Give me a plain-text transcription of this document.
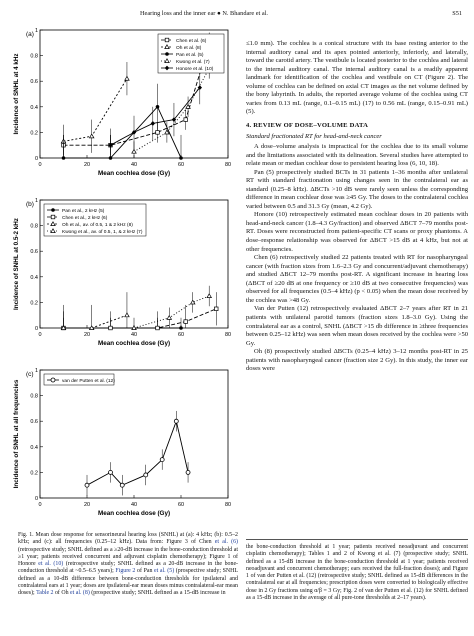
Hearing loss and the inner ear ● N. Bhandare et al.	S51
(a)
0
0.2
0.4
0.6
0.8
1
0	20	40	60	80
Mean cochlea dose (Gy)
Incidence of SNHL at 4 kHz
Chen et al. (6)
Oh et al. (8)
Pan et al. (5)
Kwong et al. (7)
Honore et al. (10)
(b)
0
0.2
0.4
0.6
0.8
1
0	20	40	60	80
Mean cochlea dose (Gy)
Incidence of SNHL at 0.5-2 kHz
Pan et al., 2 kHz (5)
Chen et al., 2 kHz (6)
Oh et al., av. of 0.5, 1 & 2 kHz (8)
Kwong et al., av. of 0.5, 1, & 2 kHz (7)
(c)
0
0.2
0.4
0.6
0.8
1
0	20	40	60	80
Mean cochlea dose (Gy)
Incidence of SNHL at all frequencies	van der Putten et al. (12)
Fig. 1. Mean dose response for sensorineural hearing loss (SNHL) at (a): 4 kHz; (b): 0.5–2 kHz; and (c): all frequencies (0.25–12 kHz). Data from: Figure 3 of Chen et al. (6) (retrospective study; SNHL defined as a ≥20-dB increase in the bone-conduction threshold at ≥1 year; patients received concurrent and adjuvant cisplatin chemotherapy); Figure 1 of Honore et al. (10) (retrospective study; SNHL defined as a 20-dB increase in the bone-conduction threshold at ~0.5–6.5 years); Figure 2 of Pan et al. (5) (prospective study; SNHL defined as a 10-dB difference between bone-conduction thresholds for ipsilateral and contralateral ears at 1 year; doses are ipsilateral-ear mean doses minus contralateral-ear mean doses); Table 2 of Oh et al. (8) (prospective study; SNHL defined as a 15-dB increase in

≤1.0 mm). The cochlea is a conical structure with its base resting anterior to the internal auditory canal and its apex pointed anteriorly, inferiorly, and laterally, toward the carotid artery. The vestibule is located posterior to the cochlea and lateral to the internal auditory canal. The internal auditory canal is a readily apparent landmark for identification of the cochlea and vestibule on CT (Figure 2). The volume of cochlea can be defined on axial CT images as the net volume defined by the bony labyrinth. In adults, the reported average volume of the cochlea using CT varies from 0.13 mL (range, 0.1–0.15 mL) (17) to 0.56 mL (range, 0.15–0.91 mL) (5).

4. REVIEW OF DOSE–VOLUME DATA
Standard fractionated RT for head-and-neck cancer

A dose–volume analysis is impractical for the cochlea due to its small volume and the limitations associated with its delineation. Several studies have attempted to relate mean or median cochlear dose to persistent hearing loss (6, 10, 18).

Pan (5) prospectively studied BCTs in 31 patients 1–36 months after unilateral RT with standard fractionation using changes seen in the contralateral ear as standard (0.25–8 kHz). ΔBCTs >10 dB were rarely seen unless the corresponding difference in mean cochlear dose was ≥45 Gy. The doses to the contralateral cochlea varied between 0.5 and 31.3 Gy (mean, 4.2 Gy).

Honore (10) retrospectively estimated mean cochlear doses in 20 patients with head-and-neck cancer (1.8–4.3 Gy/fraction) and observed ΔBCT 7–79 months post-RT. Doses were reconstructed from patient-specific CT scans or proxy phantoms. A dose–response relationship was observed for ΔBCT >15 dB at 4 kHz, but not at other frequencies.

Chen (6) retrospectively studied 22 patients treated with RT for nasopharyngeal cancer (with fraction sizes from 1.6–2.3 Gy and concurrent/adjuvant chemotherapy) and studied ΔBCT 12–79 months post-RT. A significant increase in hearing loss (ΔBCT of ≥20 dB at one frequency or ≥10 dB at two consecutive frequencies) was observed for all frequencies (0.5–4 kHz) (p < 0.05) when the mean dose received by the cochlea was >48 Gy.

Van der Putten (12) retrospectively evaluated ΔBCT 2–7 years after RT in 21 patients with unilateral parotid tumors (fraction sizes 1.8–3.0 Gy). Using the contralateral ear as a control, SNHL (ΔBCT >15 db difference in ≥three frequencies between 0.25–12 kHz) was seen when mean doses received by the cochlea were >50 Gy.

Oh (8) prospectively studied ΔBCTs (0.25–4 kHz) 3–12 months post-RT in 25 patients with nasopharyngeal cancer (fraction size 2 Gy). In this study, the inner ear doses were

the bone-conduction threshold at 1 year; patients received neoadjuvant and concurrent cisplatin chemotherapy); Tables 1 and 2 of Kwong et al. (7) (prospective study; SNHL defined as a 15-dB increase in the bone-conduction threshold at 1 year; patients received neoadjuvant and concurrent chemotherapy; ears received the full-fraction doses); and Figure 1 of van der Putten et al. (12) (retrospective study; SNHL defined as 15-dB differences in the contralateral ear at all frequencies; prescription doses were converted to biologically effective dose in 2 Gy fractions using α/β = 3 Gy; Fig. 2 of van der Putten et al. (12) for SNHL defined as a 15-dB increase in the average of all pure-tone thresholds at 2–17 years).
